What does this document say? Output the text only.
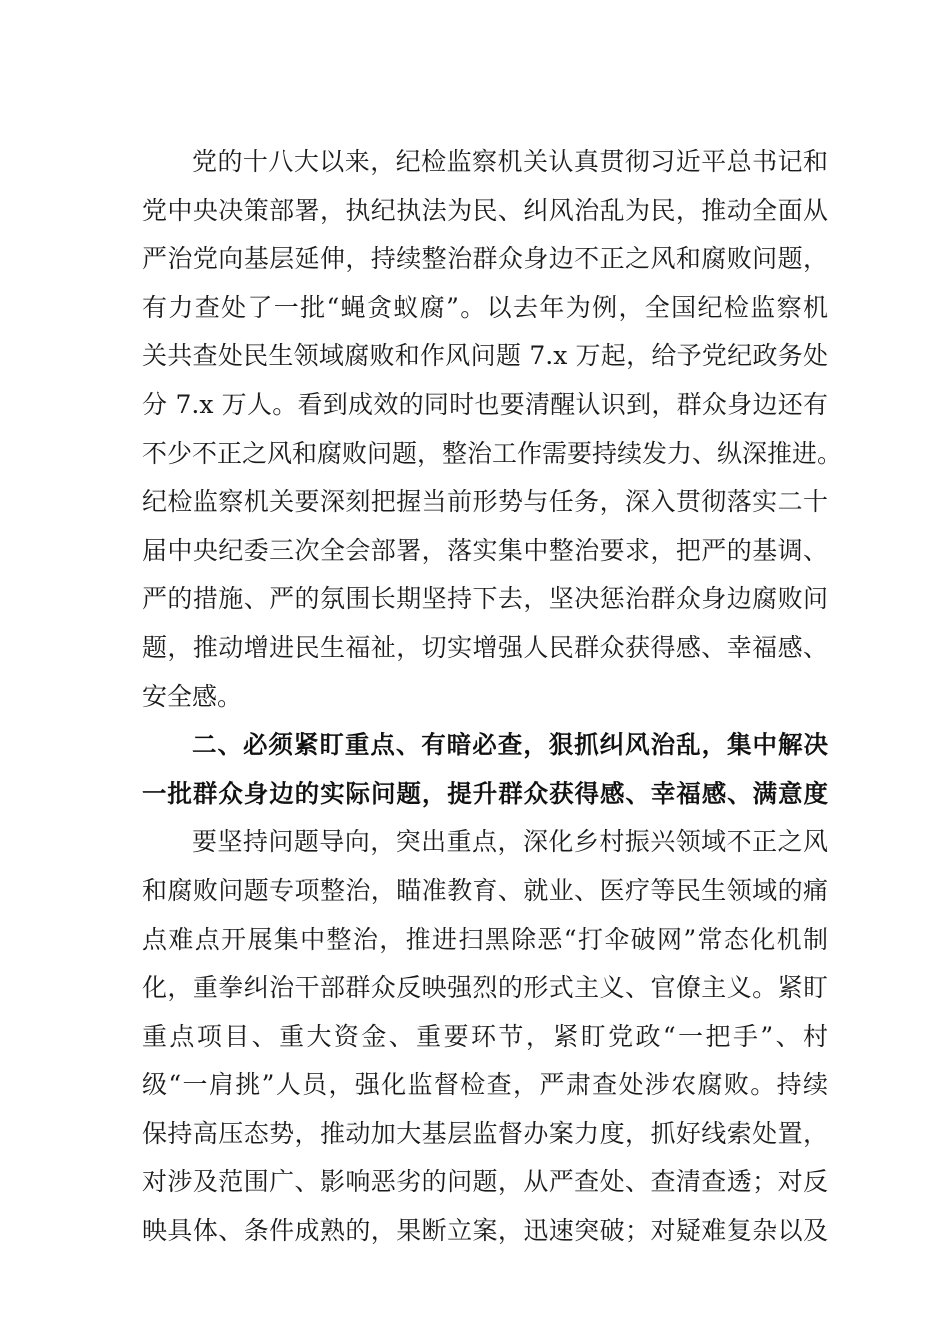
党的十八大以来，纪检监察机关认真贯彻习近平总书记和
党中央决策部署，执纪执法为民、纠风治乱为民，推动全面从
严治党向基层延伸，持续整治群众身边不正之风和腐败问题，
有力查处了一批“蝇贪蚁腐”。以去年为例，全国纪检监察机
关共查处民生领域腐败和作风问题 7.x 万起，给予党纪政务处
分 7.x 万人。看到成效的同时也要清醒认识到，群众身边还有
不少不正之风和腐败问题，整治工作需要持续发力、纵深推进。
纪检监察机关要深刻把握当前形势与任务，深入贯彻落实二十
届中央纪委三次全会部署，落实集中整治要求，把严的基调、
严的措施、严的氛围长期坚持下去，坚决惩治群众身边腐败问
题，推动增进民生福祉，切实增强人民群众获得感、幸福感、
安全感。
二、必须紧盯重点、有暗必查，狠抓纠风治乱，集中解决
一批群众身边的实际问题，提升群众获得感、幸福感、满意度
要坚持问题导向，突出重点，深化乡村振兴领域不正之风
和腐败问题专项整治，瞄准教育、就业、医疗等民生领域的痛
点难点开展集中整治，推进扫黑除恶“打伞破网”常态化机制
化，重拳纠治干部群众反映强烈的形式主义、官僚主义。紧盯
重点项目、重大资金、重要环节，紧盯党政“一把手”、村
级“一肩挑”人员，强化监督检查，严肃查处涉农腐败。持续
保持高压态势，推动加大基层监督办案力度，抓好线索处置，
对涉及范围广、影响恶劣的问题，从严查处、查清查透；对反
映具体、条件成熟的，果断立案，迅速突破；对疑难复杂以及
